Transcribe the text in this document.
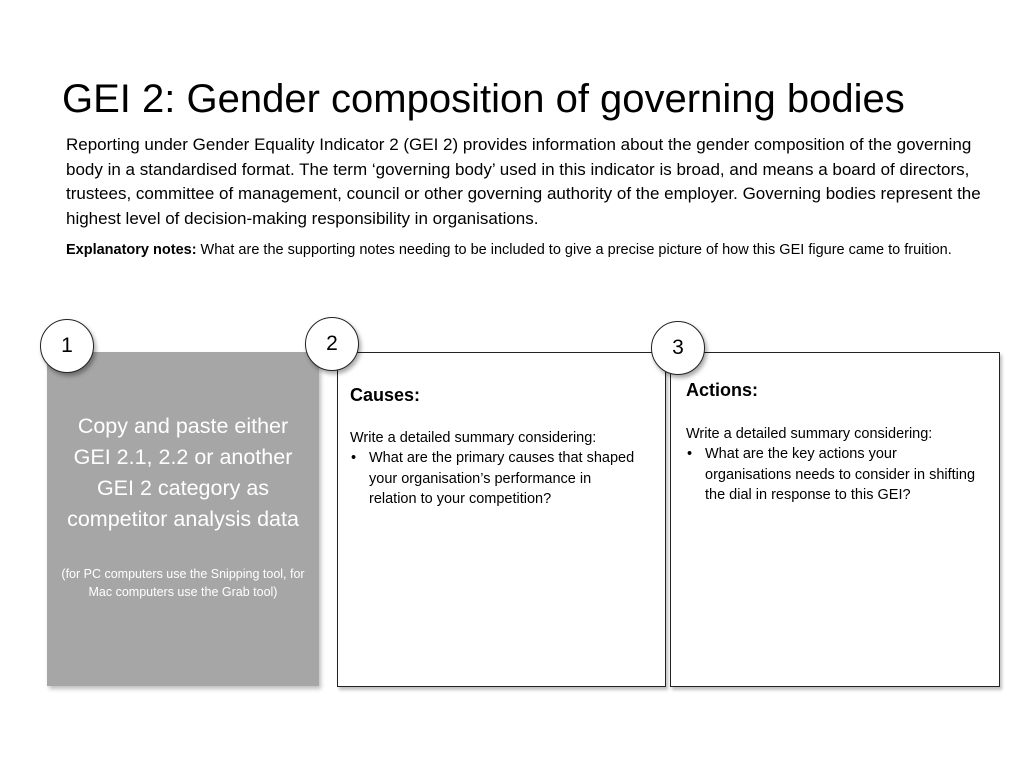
GEI 2: Gender composition of governing bodies

Reporting under Gender Equality Indicator 2 (GEI 2) provides information about the gender composition of the governing body in a standardised format. The term ‘governing body’ used in this indicator is broad, and means a board of directors, trustees, committee of management, council or other governing authority of the employer. Governing bodies represent the highest level of decision-making responsibility in organisations.

Explanatory notes: What are the supporting notes needing to be included to give a precise picture of how this GEI figure came to fruition.

Copy and paste either GEI 2.1, 2.2 or another GEI 2 category as competitor analysis data
(for PC computers use the Snipping tool, for Mac computers use the Grab tool)
Causes:

Write a detailed summary considering:

• What are the primary causes that shaped your organisation’s performance in relation to your competition?
Actions:

Write a detailed summary considering:

• What are the key actions your organisations needs to consider in shifting the dial in response to this GEI?
1	2	3
